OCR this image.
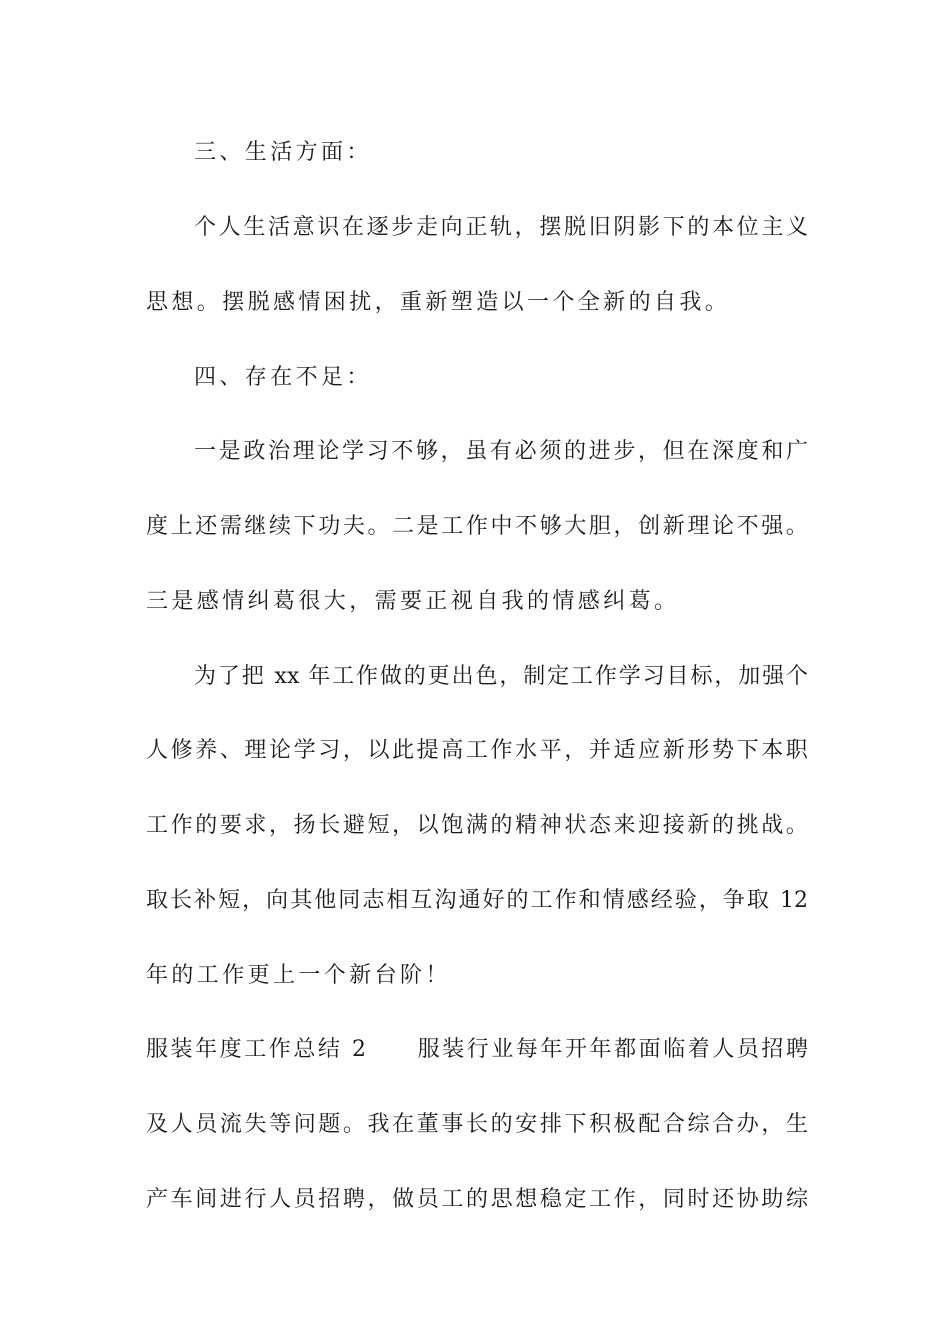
三、生活方面：
个人生活意识在逐步走向正轨，摆脱旧阴影下的本位主义
思想。摆脱感情困扰，重新塑造以一个全新的自我。
四、存在不足：
一是政治理论学习不够，虽有必须的进步，但在深度和广
度上还需继续下功夫。二是工作中不够大胆，创新理论不强。
三是感情纠葛很大，需要正视自我的情感纠葛。
为了把 xx 年工作做的更出色，制定工作学习目标，加强个
人修养、理论学习，以此提高工作水平，并适应新形势下本职
工作的要求，扬长避短，以饱满的精神状态来迎接新的挑战。
取长补短，向其他同志相互沟通好的工作和情感经验，争取 12
年的工作更上一个新台阶！
服装年度工作总结 2　　服装行业每年开年都面临着人员招聘
及人员流失等问题。我在董事长的安排下积极配合综合办，生
产车间进行人员招聘，做员工的思想稳定工作，同时还协助综
